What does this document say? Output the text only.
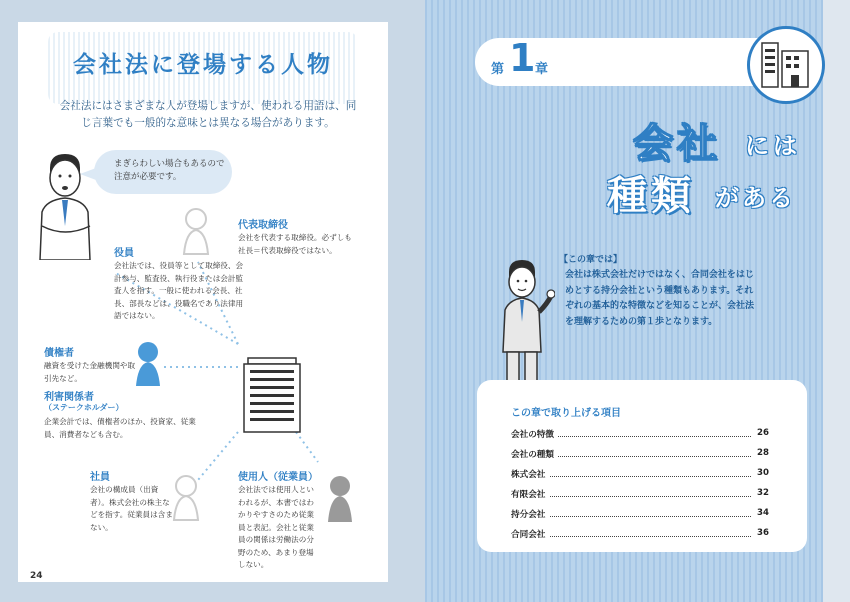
会社法に登場する人物
会社法にはさまざまな人が登場しますが、使われる用語は、同じ言葉でも一般的な意味とは異なる場合があります。
まぎらわしい場合もあるので注意が必要です。
役員
会社法では、役員等として取締役、会計参与、監査役、執行役または会計監査人を指す。一般に使われる会長、社長、部長などは、役職名であり法律用語ではない。
代表取締役
会社を代表する取締役。必ずしも社長＝代表取締役ではない。
債権者
融資を受けた金融機関や取引先など。
利害関係者
（ステークホルダー）
企業会計では、債権者のほか、投資家、従業員、消費者なども含む。
社員
会社の構成員（出資者）。株式会社の株主などを指す。従業員は含まない。
使用人（従業員）
会社法では使用人といわれるが、本書ではわかりやすさのため従業員と表記。会社と従業員の関係は労働法の分野のため、あまり登場しない。
24
第 1 章
会社 には
種類 がある
【この章では】
会社は株式会社だけではなく、合同会社をはじめとする持分会社という種類もあります。それぞれの基本的な特徴などを知ることが、会社法を理解するための第１歩となります。
この章で取り上げる項目
会社の特徴	26
会社の種類	28
株式会社	30
有限会社	32
持分会社	34
合同会社	36
